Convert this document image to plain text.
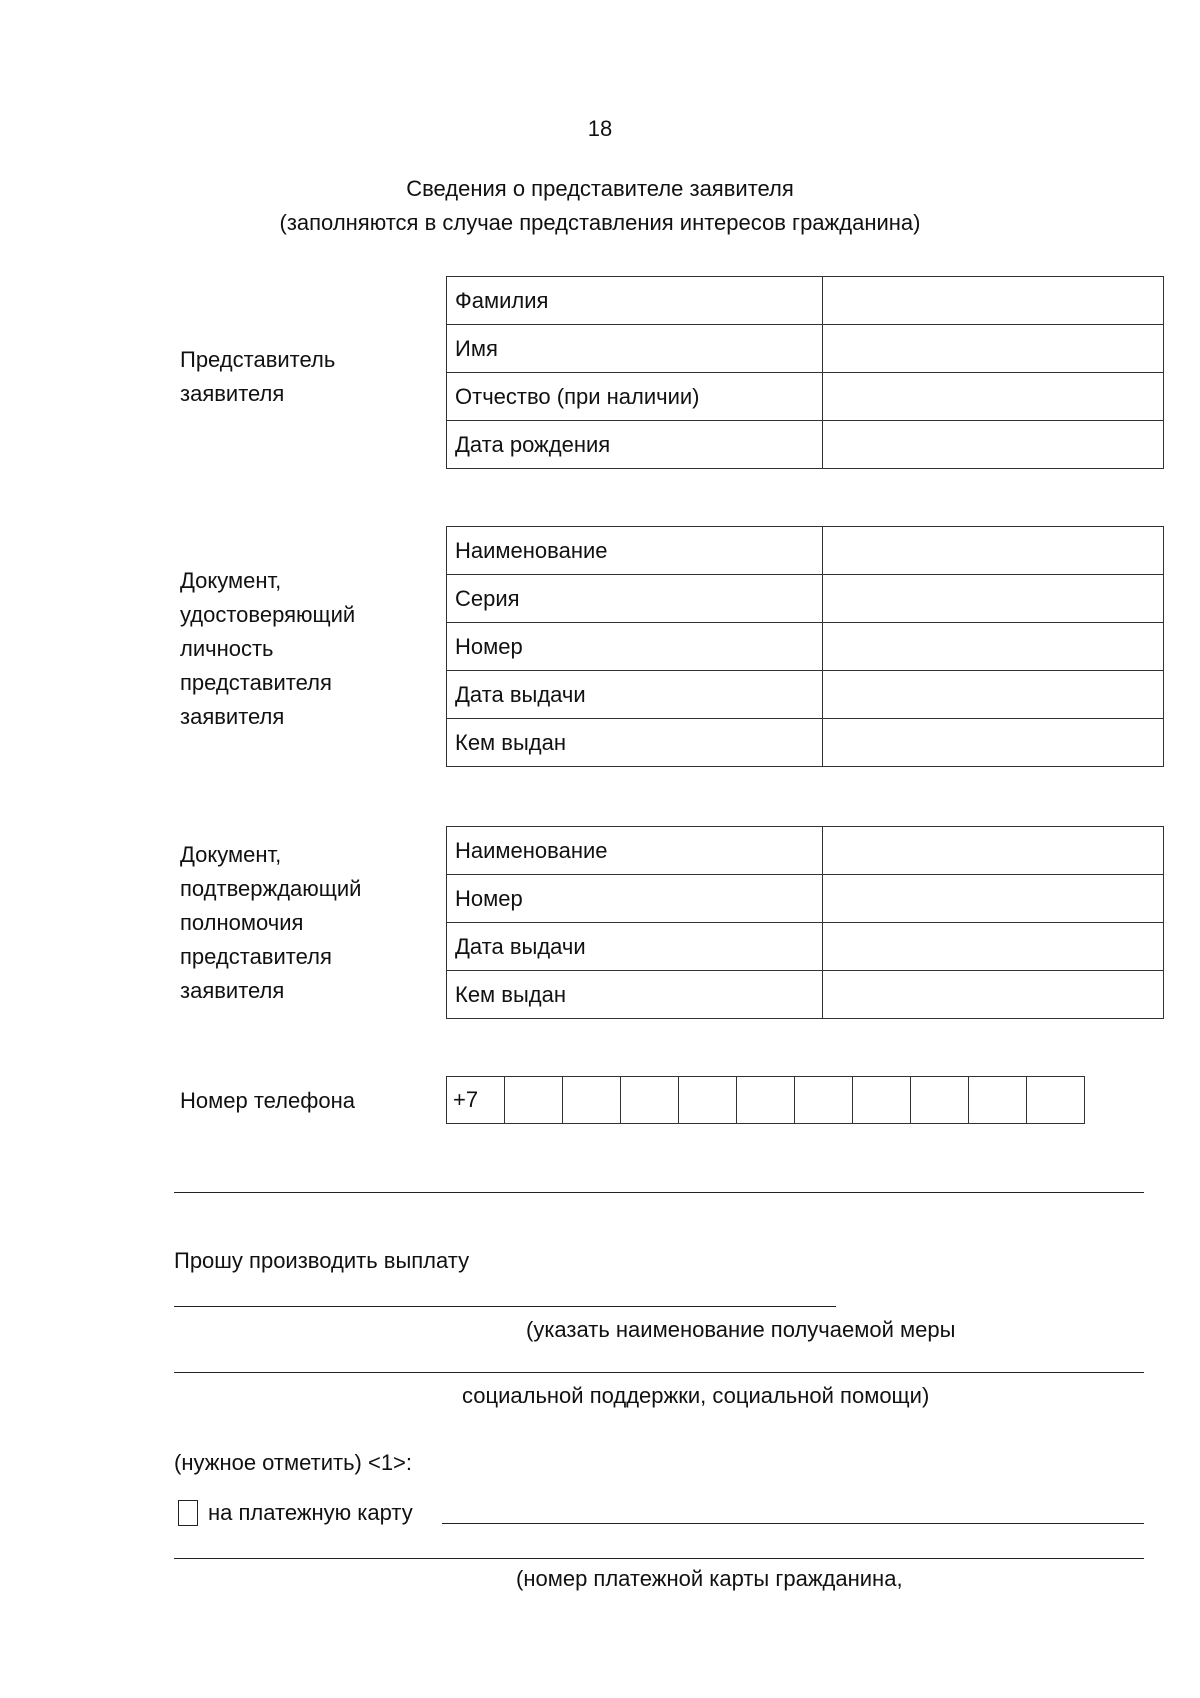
18
Сведения о представителе заявителя
(заполняются в случае представления интересов гражданина)
Представитель
заявителя
Фамилия	
Имя	
Отчество (при наличии)	
Дата рождения	
Документ,
удостоверяющий
личность
представителя
заявителя
Наименование	
Серия	
Номер	
Дата выдачи	
Кем выдан	
Документ,
подтверждающий
полномочия
представителя
заявителя
Наименование	
Номер	
Дата выдачи	
Кем выдан	
Номер телефона	+7
Прошу производить выплату
(указать наименование получаемой меры
социальной поддержки, социальной помощи)
(нужное отметить) <1>:
на платежную карту
(номер платежной карты гражданина,
